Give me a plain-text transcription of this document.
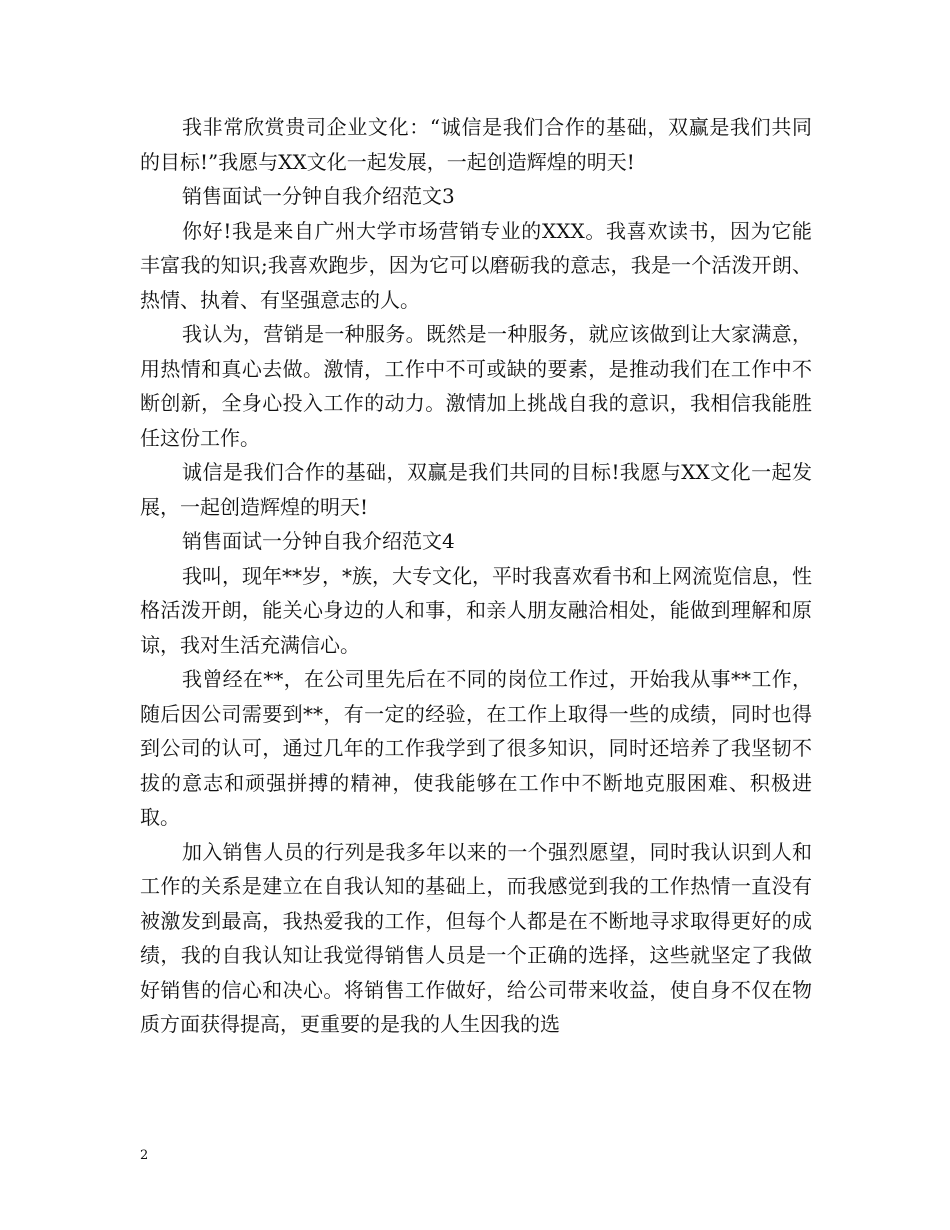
我非常欣赏贵司企业文化：“诚信是我们合作的基础，双赢是我们共同的目标!”我愿与XX文化一起发展，一起创造辉煌的明天!

销售面试一分钟自我介绍范文3

你好!我是来自广州大学市场营销专业的XXX。我喜欢读书，因为它能丰富我的知识;我喜欢跑步，因为它可以磨砺我的意志，我是一个活泼开朗、热情、执着、有坚强意志的人。

我认为，营销是一种服务。既然是一种服务，就应该做到让大家满意，用热情和真心去做。激情，工作中不可或缺的要素，是推动我们在工作中不断创新，全身心投入工作的动力。激情加上挑战自我的意识，我相信我能胜任这份工作。

诚信是我们合作的基础，双赢是我们共同的目标!我愿与XX文化一起发展，一起创造辉煌的明天!

销售面试一分钟自我介绍范文4

我叫，现年**岁，*族，大专文化，平时我喜欢看书和上网流览信息，性格活泼开朗，能关心身边的人和事，和亲人朋友融洽相处，能做到理解和原谅，我对生活充满信心。

我曾经在**，在公司里先后在不同的岗位工作过，开始我从事**工作，随后因公司需要到**，有一定的经验，在工作上取得一些的成绩，同时也得到公司的认可，通过几年的工作我学到了很多知识，同时还培养了我坚韧不拔的意志和顽强拼搏的精神，使我能够在工作中不断地克服困难、积极进取。

加入销售人员的行列是我多年以来的一个强烈愿望，同时我认识到人和工作的关系是建立在自我认知的基础上，而我感觉到我的工作热情一直没有被激发到最高，我热爱我的工作，但每个人都是在不断地寻求取得更好的成绩，我的自我认知让我觉得销售人员是一个正确的选择，这些就坚定了我做好销售的信心和决心。将销售工作做好，给公司带来收益，使自身不仅在物质方面获得提高，更重要的是我的人生因我的选

2
